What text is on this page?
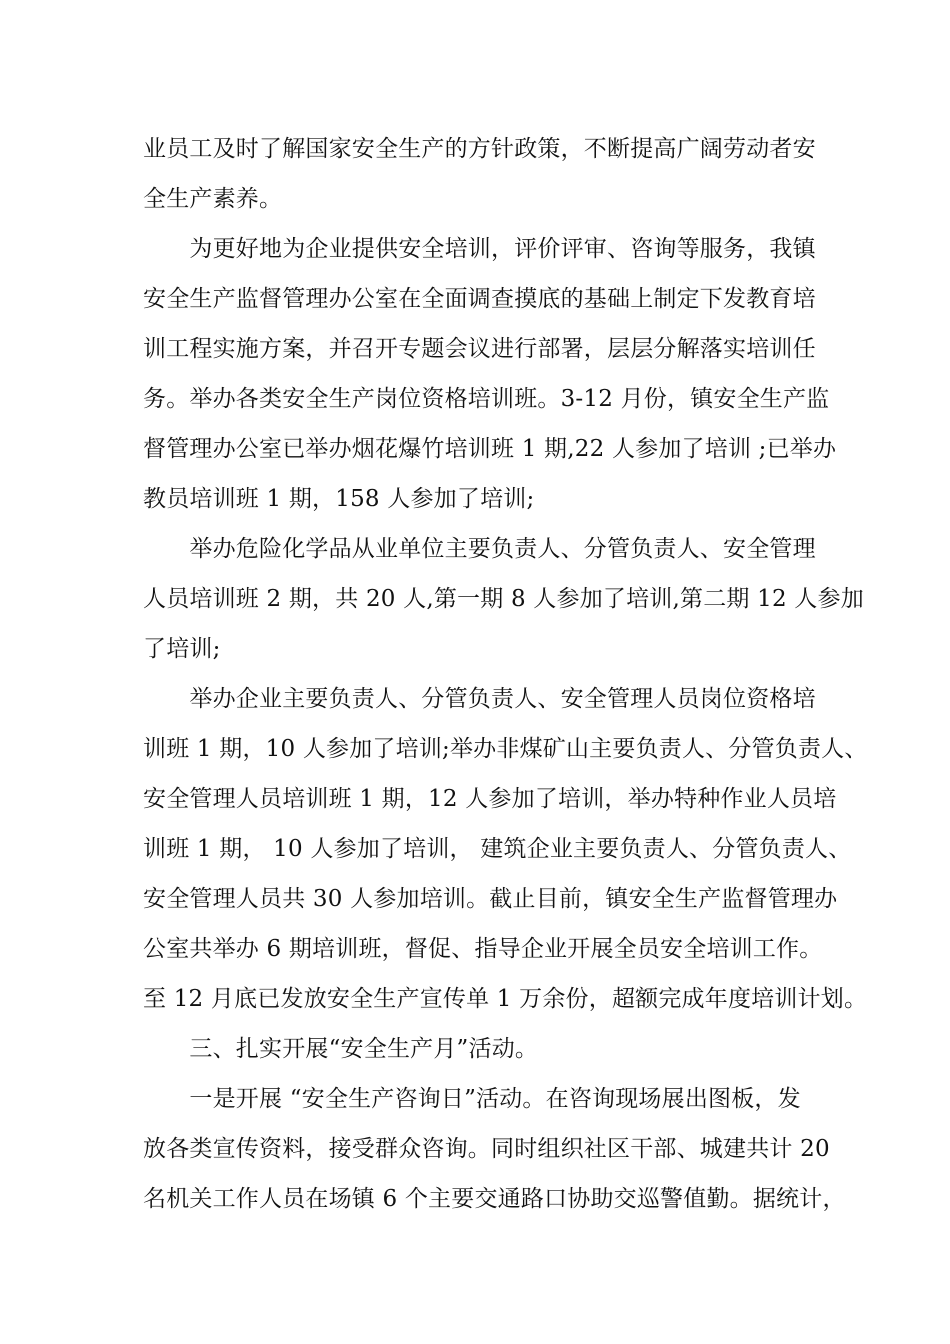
业员工及时了解国家安全生产的方针政策，不断提高广阔劳动者安
全生产素养。
　　为更好地为企业提供安全培训，评价评审、咨询等服务，我镇
安全生产监督管理办公室在全面调查摸底的基础上制定下发教育培
训工程实施方案，并召开专题会议进行部署，层层分解落实培训任
务。举办各类安全生产岗位资格培训班。3-12 月份，镇安全生产监
督管理办公室已举办烟花爆竹培训班 1 期,22 人参加了培训 ;已举办
教员培训班 1 期，158 人参加了培训;
　　举办危险化学品从业单位主要负责人、分管负责人、安全管理
人员培训班 2 期，共 20 人,第一期 8 人参加了培训,第二期 12 人参加
了培训;
　　举办企业主要负责人、分管负责人、安全管理人员岗位资格培
训班 1 期，10 人参加了培训;举办非煤矿山主要负责人、分管负责人、
安全管理人员培训班 1 期，12 人参加了培训，举办特种作业人员培
训班 1 期， 10 人参加了培训， 建筑企业主要负责人、分管负责人、
安全管理人员共 30 人参加培训。截止目前，镇安全生产监督管理办
公室共举办 6 期培训班，督促、指导企业开展全员安全培训工作。
至 12 月底已发放安全生产宣传单 1 万余份，超额完成年度培训计划。
　　三、扎实开展“安全生产月”活动。
　　一是开展 “安全生产咨询日”活动。在咨询现场展出图板，发
放各类宣传资料，接受群众咨询。同时组织社区干部、城建共计 20
名机关工作人员在场镇 6 个主要交通路口协助交巡警值勤。据统计，
